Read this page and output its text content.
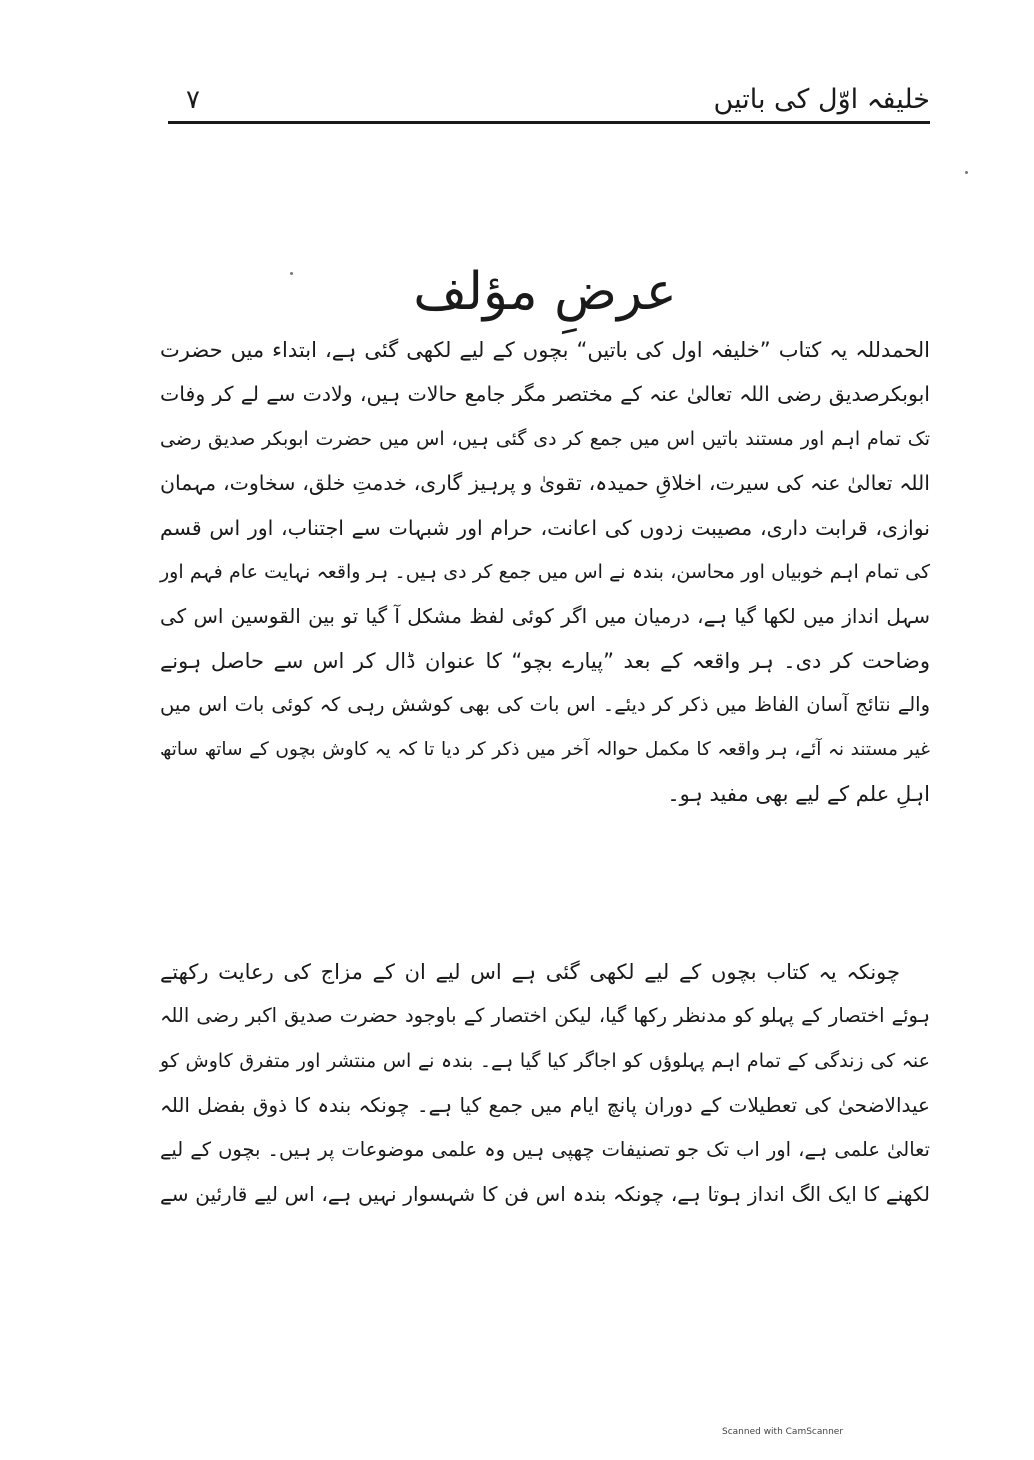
خلیفہ اوّل کی باتیں
۷
عرضِ مؤلف
الحمدللہ یہ کتاب ”خلیفہ اول کی باتیں“ بچوں کے لیے لکھی گئی ہے، ابتداء میں حضرت
ابوبکرصدیق رضی اللہ تعالیٰ عنہ کے مختصر مگر جامع حالات ہیں، ولادت سے لے کر وفات
تک تمام اہم اور مستند باتیں اس میں جمع کر دی گئی ہیں، اس میں حضرت ابوبکر صدیق رضی
اللہ تعالیٰ عنہ کی سیرت، اخلاقِ حمیدہ، تقویٰ و پرہیز گاری، خدمتِ خلق، سخاوت، مہمان
نوازی، قرابت داری، مصیبت زدوں کی اعانت، حرام اور شبہات سے اجتناب، اور اس قسم
کی تمام اہم خوبیاں اور محاسن، بندہ نے اس میں جمع کر دی ہیں۔ ہر واقعہ نہایت عام فہم اور
سہل انداز میں لکھا گیا ہے، درمیان میں اگر کوئی لفظ مشکل آ گیا تو بین القوسین اس کی
وضاحت کر دی۔ ہر واقعہ کے بعد ”پیارے بچو“ کا عنوان ڈال کر اس سے حاصل ہونے
والے نتائج آسان الفاظ میں ذکر کر دیئے۔ اس بات کی بھی کوشش رہی کہ کوئی بات اس میں
غیر مستند نہ آئے، ہر واقعہ کا مکمل حوالہ آخر میں ذکر کر دیا تا کہ یہ کاوش بچوں کے ساتھ ساتھ
اہلِ علم کے لیے بھی مفید ہو۔
چونکہ یہ کتاب بچوں کے لیے لکھی گئی ہے اس لیے ان کے مزاج کی رعایت رکھتے
ہوئے اختصار کے پہلو کو مدنظر رکھا گیا، لیکن اختصار کے باوجود حضرت صدیق اکبر رضی اللہ
عنہ کی زندگی کے تمام اہم پہلوؤں کو اجاگر کیا گیا ہے۔ بندہ نے اس منتشر اور متفرق کاوش کو
عیدالاضحیٰ کی تعطیلات کے دوران پانچ ایام میں جمع کیا ہے۔ چونکہ بندہ کا ذوق بفضل اللہ
تعالیٰ علمی ہے، اور اب تک جو تصنیفات چھپی ہیں وہ علمی موضوعات پر ہیں۔ بچوں کے لیے
لکھنے کا ایک الگ انداز ہوتا ہے، چونکہ بندہ اس فن کا شہسوار نہیں ہے، اس لیے قارئین سے
Scanned with CamScanner
